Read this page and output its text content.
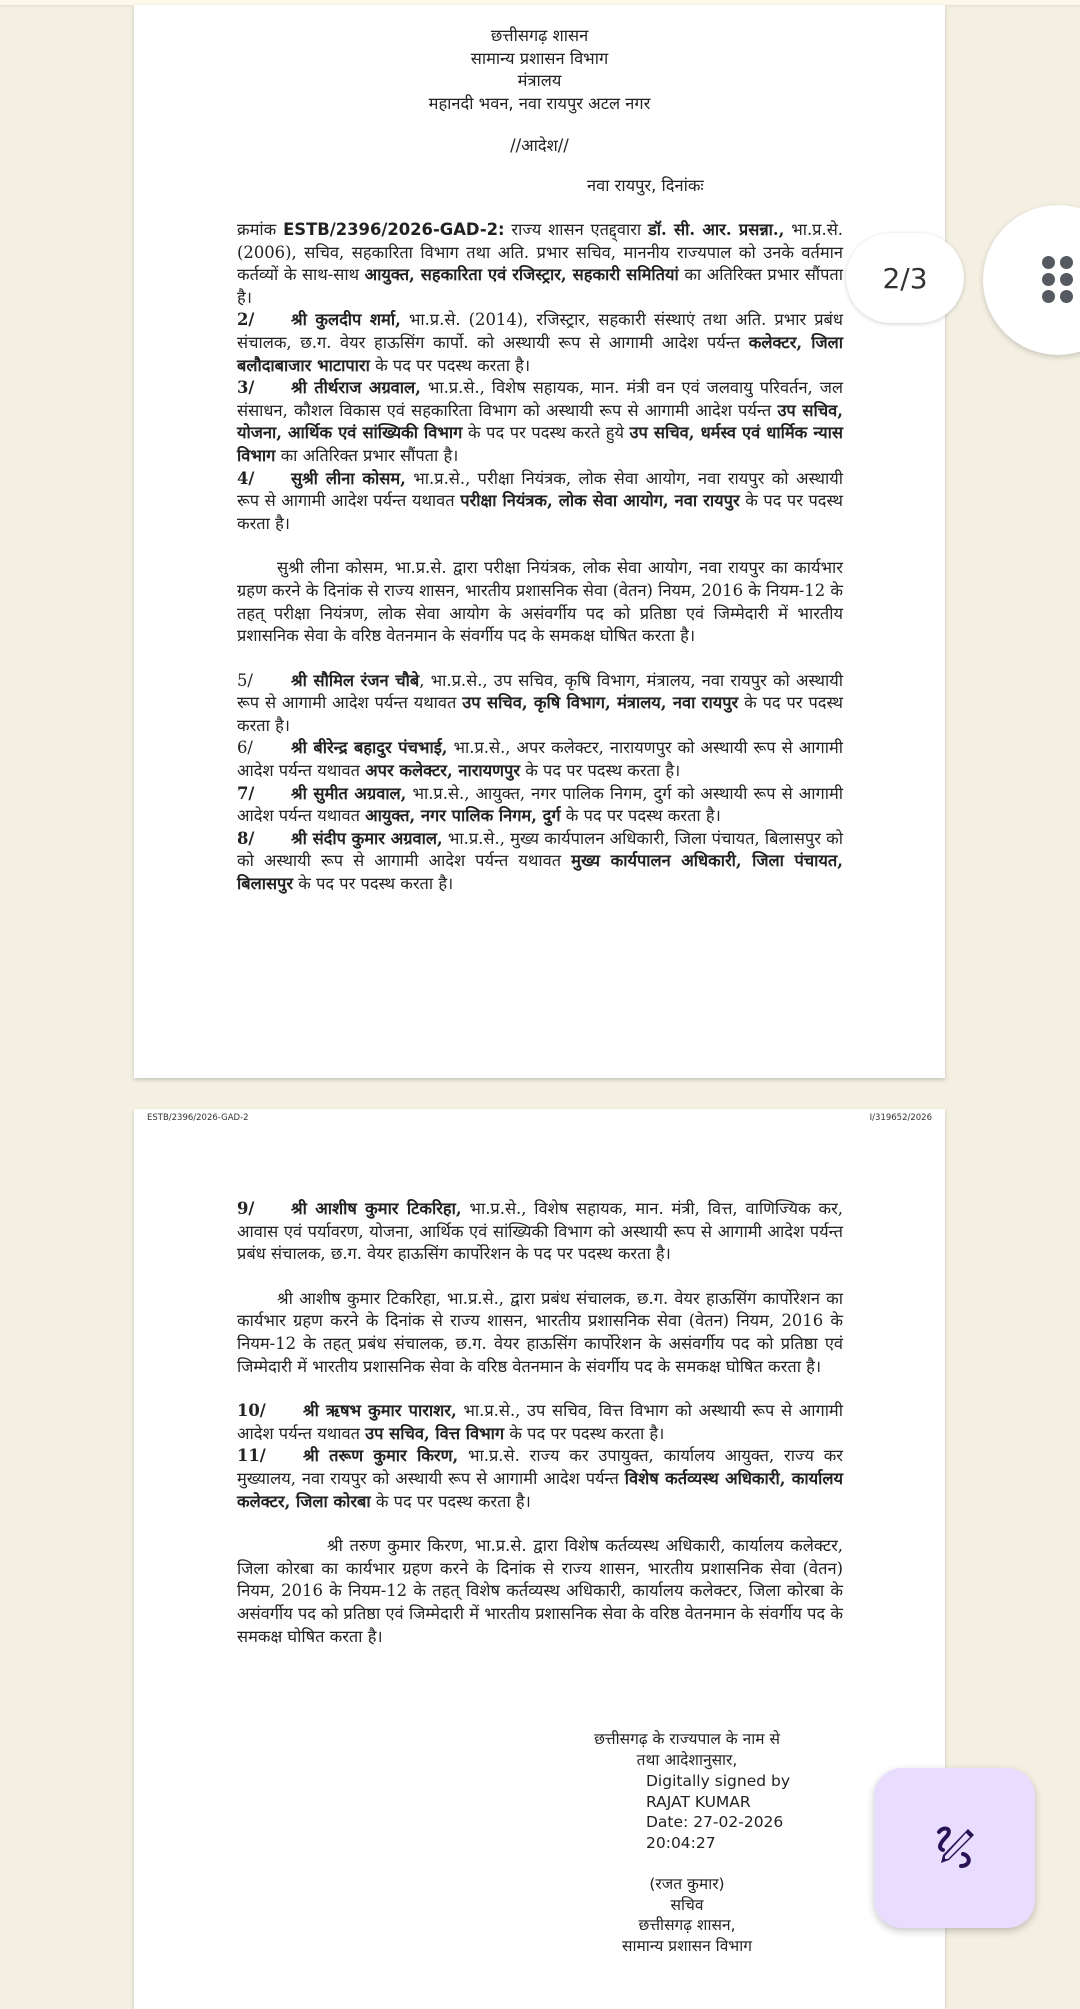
छत्तीसगढ़ शासन
सामान्य प्रशासन विभाग
मंत्रालय
महानदी भवन, नवा रायपुर अटल नगर
//आदेश//
नवा रायपुर, दिनांकः

क्रमांक ESTB/2396/2026-GAD-2: राज्य शासन एतद्द्वारा डॉ. सी. आर. प्रसन्ना., भा.प्र.से. (2006), सचिव, सहकारिता विभाग तथा अति. प्रभार सचिव, माननीय राज्यपाल को उनके वर्तमान कर्तव्यों के साथ-साथ आयुक्त, सहकारिता एवं रजिस्ट्रार, सहकारी समितियां का अतिरिक्त प्रभार सौंपता है।

2/ श्री कुलदीप शर्मा, भा.प्र.से. (2014), रजिस्ट्रार, सहकारी संस्थाएं तथा अति. प्रभार प्रबंध संचालक, छ.ग. वेयर हाऊसिंग कार्पो. को अस्थायी रूप से आगामी आदेश पर्यन्त कलेक्टर, जिला बलौदाबाजार भाटापारा के पद पर पदस्थ करता है।

3/ श्री तीर्थराज अग्रवाल, भा.प्र.से., विशेष सहायक, मान. मंत्री वन एवं जलवायु परिवर्तन, जल संसाधन, कौशल विकास एवं सहकारिता विभाग को अस्थायी रूप से आगामी आदेश पर्यन्त उप सचिव, योजना, आर्थिक एवं सांख्यिकी विभाग के पद पर पदस्थ करते हुये उप सचिव, धर्मस्व एवं धार्मिक न्यास विभाग का अतिरिक्त प्रभार सौंपता है।

4/ सुश्री लीना कोसम, भा.प्र.से., परीक्षा नियंत्रक, लोक सेवा आयोग, नवा रायपुर को अस्थायी रूप से आगामी आदेश पर्यन्त यथावत परीक्षा नियंत्रक, लोक सेवा आयोग, नवा रायपुर के पद पर पदस्थ करता है।

सुश्री लीना कोसम, भा.प्र.से. द्वारा परीक्षा नियंत्रक, लोक सेवा आयोग, नवा रायपुर का कार्यभार ग्रहण करने के दिनांक से राज्य शासन, भारतीय प्रशासनिक सेवा (वेतन) नियम, 2016 के नियम-12 के तहत् परीक्षा नियंत्रण, लोक सेवा आयोग के असंवर्गीय पद को प्रतिष्ठा एवं जिम्मेदारी में भारतीय प्रशासनिक सेवा के वरिष्ठ वेतनमान के संवर्गीय पद के समकक्ष घोषित करता है।

5/ श्री सौमिल रंजन चौबे, भा.प्र.से., उप सचिव, कृषि विभाग, मंत्रालय, नवा रायपुर को अस्थायी रूप से आगामी आदेश पर्यन्त यथावत उप सचिव, कृषि विभाग, मंत्रालय, नवा रायपुर के पद पर पदस्थ करता है।

6/ श्री बीरेन्द्र बहादुर पंचभाई, भा.प्र.से., अपर कलेक्टर, नारायणपुर को अस्थायी रूप से आगामी आदेश पर्यन्त यथावत अपर कलेक्टर, नारायणपुर के पद पर पदस्थ करता है।

7/ श्री सुमीत अग्रवाल, भा.प्र.से., आयुक्त, नगर पालिक निगम, दुर्ग को अस्थायी रूप से आगामी आदेश पर्यन्त यथावत आयुक्त, नगर पालिक निगम, दुर्ग के पद पर पदस्थ करता है।

8/ श्री संदीप कुमार अग्रवाल, भा.प्र.से., मुख्य कार्यपालन अधिकारी, जिला पंचायत, बिलासपुर को को अस्थायी रूप से आगामी आदेश पर्यन्त यथावत मुख्य कार्यपालन अधिकारी, जिला पंचायत, बिलासपुर के पद पर पदस्थ करता है।

ESTB/2396/2026-GAD-2	I/319652/2026

9/ श्री आशीष कुमार टिकरिहा, भा.प्र.से., विशेष सहायक, मान. मंत्री, वित्त, वाणिज्यिक कर, आवास एवं पर्यावरण, योजना, आर्थिक एवं सांख्यिकी विभाग को अस्थायी रूप से आगामी आदेश पर्यन्त प्रबंध संचालक, छ.ग. वेयर हाऊसिंग कार्पोरेशन के पद पर पदस्थ करता है।

श्री आशीष कुमार टिकरिहा, भा.प्र.से., द्वारा प्रबंध संचालक, छ.ग. वेयर हाऊसिंग कार्पोरेशन का कार्यभार ग्रहण करने के दिनांक से राज्य शासन, भारतीय प्रशासनिक सेवा (वेतन) नियम, 2016 के नियम-12 के तहत् प्रबंध संचालक, छ.ग. वेयर हाऊसिंग कार्पोरेशन के असंवर्गीय पद को प्रतिष्ठा एवं जिम्मेदारी में भारतीय प्रशासनिक सेवा के वरिष्ठ वेतनमान के संवर्गीय पद के समकक्ष घोषित करता है।

10/ श्री ऋषभ कुमार पाराशर, भा.प्र.से., उप सचिव, वित्त विभाग को अस्थायी रूप से आगामी आदेश पर्यन्त यथावत उप सचिव, वित्त विभाग के पद पर पदस्थ करता है।

11/ श्री तरूण कुमार किरण, भा.प्र.से. राज्य कर उपायुक्त, कार्यालय आयुक्त, राज्य कर मुख्यालय, नवा रायपुर को अस्थायी रूप से आगामी आदेश पर्यन्त विशेष कर्तव्यस्थ अधिकारी, कार्यालय कलेक्टर, जिला कोरबा के पद पर पदस्थ करता है।

श्री तरुण कुमार किरण, भा.प्र.से. द्वारा विशेष कर्तव्यस्थ अधिकारी, कार्यालय कलेक्टर, जिला कोरबा का कार्यभार ग्रहण करने के दिनांक से राज्य शासन, भारतीय प्रशासनिक सेवा (वेतन) नियम, 2016 के नियम-12 के तहत् विशेष कर्तव्यस्थ अधिकारी, कार्यालय कलेक्टर, जिला कोरबा के असंवर्गीय पद को प्रतिष्ठा एवं जिम्मेदारी में भारतीय प्रशासनिक सेवा के वरिष्ठ वेतनमान के संवर्गीय पद के समकक्ष घोषित करता है।

छत्तीसगढ़ के राज्यपाल के नाम से
तथा आदेशानुसार,
Digitally signed by
RAJAT KUMAR
Date: 27-02-2026
20:04:27
(रजत कुमार)
सचिव
छत्तीसगढ़ शासन,
सामान्य प्रशासन विभाग
2/3
